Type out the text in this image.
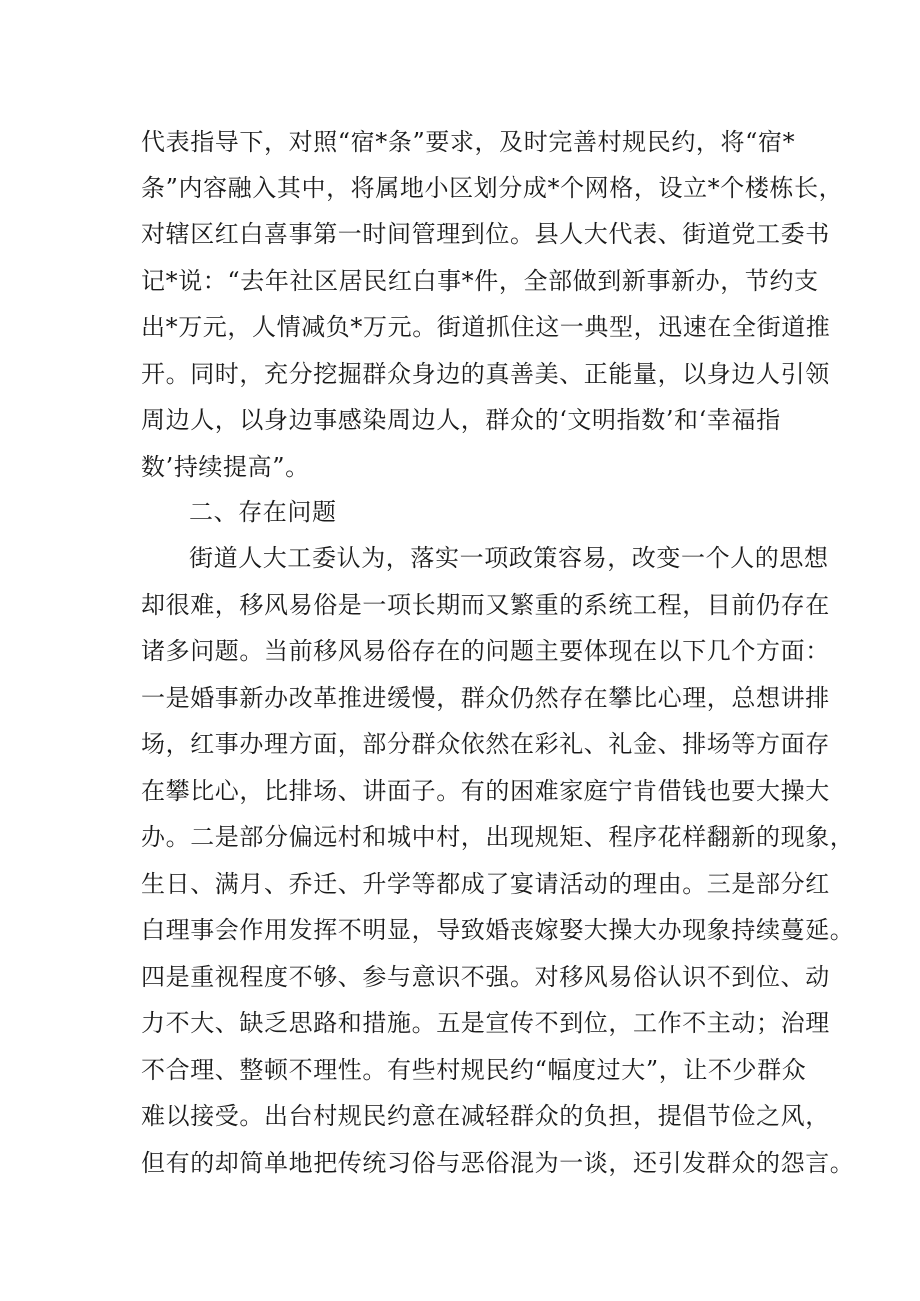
代表指导下，对照“宿*条”要求，及时完善村规民约，将“宿*
条”内容融入其中，将属地小区划分成*个网格，设立*个楼栋长，
对辖区红白喜事第一时间管理到位。县人大代表、街道党工委书
记*说：“去年社区居民红白事*件，全部做到新事新办，节约支
出*万元，人情减负*万元。街道抓住这一典型，迅速在全街道推
开。同时，充分挖掘群众身边的真善美、正能量，以身边人引领
周边人，以身边事感染周边人，群众的‘文明指数’和‘幸福指
数’持续提高”。
二、存在问题
街道人大工委认为，落实一项政策容易，改变一个人的思想
却很难，移风易俗是一项长期而又繁重的系统工程，目前仍存在
诸多问题。当前移风易俗存在的问题主要体现在以下几个方面：
一是婚事新办改革推进缓慢，群众仍然存在攀比心理，总想讲排
场，红事办理方面，部分群众依然在彩礼、礼金、排场等方面存
在攀比心，比排场、讲面子。有的困难家庭宁肯借钱也要大操大
办。二是部分偏远村和城中村，出现规矩、程序花样翻新的现象，
生日、满月、乔迁、升学等都成了宴请活动的理由。三是部分红
白理事会作用发挥不明显，导致婚丧嫁娶大操大办现象持续蔓延。
四是重视程度不够、参与意识不强。对移风易俗认识不到位、动
力不大、缺乏思路和措施。五是宣传不到位，工作不主动；治理
不合理、整顿不理性。有些村规民约“幅度过大”，让不少群众
难以接受。出台村规民约意在减轻群众的负担，提倡节俭之风，
但有的却简单地把传统习俗与恶俗混为一谈，还引发群众的怨言。
